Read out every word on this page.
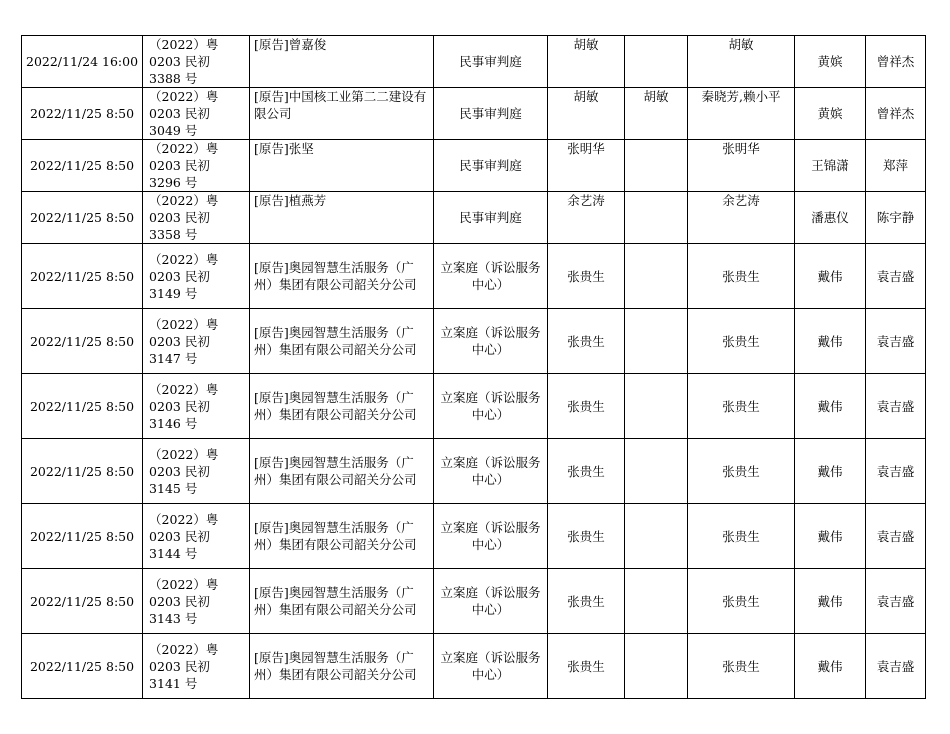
2022/11/24 16:00	（2022）粤 0203 民初 3388 号	[原告]曾嘉俊	民事审判庭	胡敏		胡敏	黄嫔	曾祥杰
2022/11/25 8:50	（2022）粤 0203 民初 3049 号	[原告]中国核工业第二二建设有限公司	民事审判庭	胡敏	胡敏	秦晓芳,赖小平	黄嫔	曾祥杰
2022/11/25 8:50	（2022）粤 0203 民初 3296 号	[原告]张坚	民事审判庭	张明华		张明华	王锦潇	郑萍
2022/11/25 8:50	（2022）粤 0203 民初 3358 号	[原告]植燕芳	民事审判庭	余艺涛		余艺涛	潘惠仪	陈宇静
2022/11/25 8:50	（2022）粤 0203 民初 3149 号	[原告]奥园智慧生活服务（广州）集团有限公司韶关分公司	立案庭（诉讼服务中心）	张贵生		张贵生	戴伟	袁吉盛
2022/11/25 8:50	（2022）粤 0203 民初 3147 号	[原告]奥园智慧生活服务（广州）集团有限公司韶关分公司	立案庭（诉讼服务中心）	张贵生		张贵生	戴伟	袁吉盛
2022/11/25 8:50	（2022）粤 0203 民初 3146 号	[原告]奥园智慧生活服务（广州）集团有限公司韶关分公司	立案庭（诉讼服务中心）	张贵生		张贵生	戴伟	袁吉盛
2022/11/25 8:50	（2022）粤 0203 民初 3145 号	[原告]奥园智慧生活服务（广州）集团有限公司韶关分公司	立案庭（诉讼服务中心）	张贵生		张贵生	戴伟	袁吉盛
2022/11/25 8:50	（2022）粤 0203 民初 3144 号	[原告]奥园智慧生活服务（广州）集团有限公司韶关分公司	立案庭（诉讼服务中心）	张贵生		张贵生	戴伟	袁吉盛
2022/11/25 8:50	（2022）粤 0203 民初 3143 号	[原告]奥园智慧生活服务（广州）集团有限公司韶关分公司	立案庭（诉讼服务中心）	张贵生		张贵生	戴伟	袁吉盛
2022/11/25 8:50	（2022）粤 0203 民初 3141 号	[原告]奥园智慧生活服务（广州）集团有限公司韶关分公司	立案庭（诉讼服务中心）	张贵生		张贵生	戴伟	袁吉盛
